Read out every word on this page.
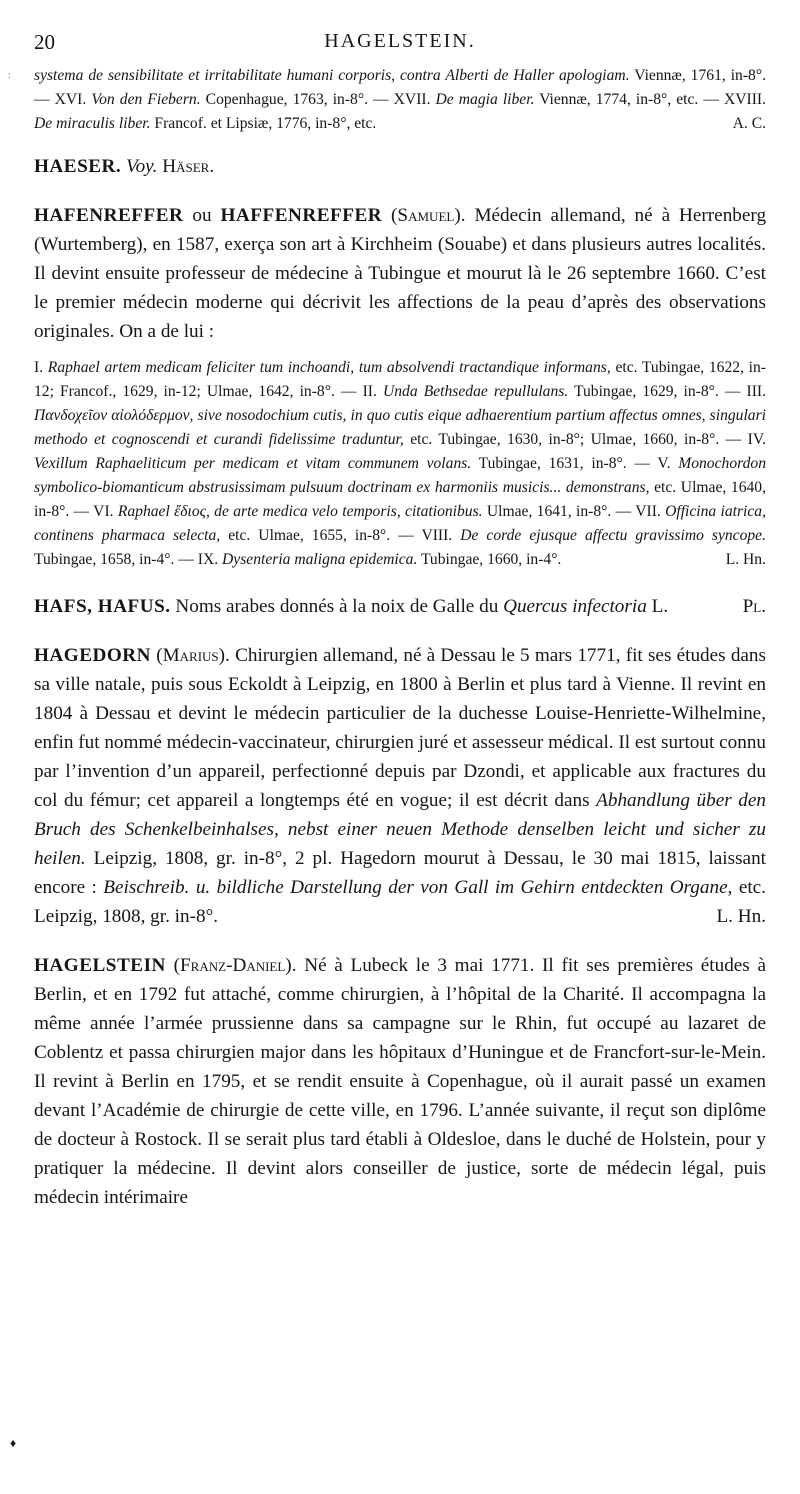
20	HAGELSTEIN.
systema de sensibilitate et irritabilitate humani corporis, contra Alberti de Haller apologiam. Viennæ, 1761, in-8°. — XVI. Von den Fiebern. Copenhague, 1763, in-8°. — XVII. De magia liber. Viennæ, 1774, in-8°, etc. — XVIII. De miraculis liber. Francof. et Lipsiæ, 1776, in-8°, etc.	A. C.

HAESER. Voy. Häser.

HAFENREFFER ou HAFFENREFFER (Samuel). Médecin allemand, né à Herrenberg (Wurtemberg), en 1587, exerça son art à Kirchheim (Souabe) et dans plusieurs autres localités. Il devint ensuite professeur de médecine à Tubingue et mourut là le 26 septembre 1660. C’est le premier médecin moderne qui décrivit les affections de la peau d’après des observations originales. On a de lui :

I. Raphael artem medicam feliciter tum inchoandi, tum absolvendi tractandique informans, etc. Tubingae, 1622, in-12; Francof., 1629, in-12; Ulmae, 1642, in-8°. — II. Unda Bethsedae repullulans. Tubingae, 1629, in-8°. — III. Πανδοχεῖον αἰολόδερμον, sive nosodochium cutis, in quo cutis eique adhaerentium partium affectus omnes, singulari methodo et cognoscendi et curandi fidelissime traduntur, etc. Tubingae, 1630, in-8°; Ulmae, 1660, in-8°. — IV. Vexillum Raphaeliticum per medicam et vitam communem volans. Tubingae, 1631, in-8°. — V. Monochordon symbolico-biomanticum abstrusissimam pulsuum doctrinam ex harmoniis musicis... demonstrans, etc. Ulmae, 1640, in-8°. — VI. Raphael ἔδιος, de arte medica velo temporis, citationibus. Ulmae, 1641, in-8°. — VII. Officina iatrica, continens pharmaca selecta, etc. Ulmae, 1655, in-8°. — VIII. De corde ejusque affectu gravissimo syncope. Tubingae, 1658, in-4°. — IX. Dysenteria maligna epidemica. Tubingae, 1660, in-4°.	L. Hn.
HAFS, HAFUS. Noms arabes donnés à la noix de Galle du Quercus infectoria L.	Pl.
HAGEDORN (Marius). Chirurgien allemand, né à Dessau le 5 mars 1771, fit ses études dans sa ville natale, puis sous Eckoldt à Leipzig, en 1800 à Berlin et plus tard à Vienne. Il revint en 1804 à Dessau et devint le médecin particulier de la duchesse Louise-Henriette-Wilhelmine, enfin fut nommé médecin-vaccinateur, chirurgien juré et assesseur médical. Il est surtout connu par l’invention d’un appareil, perfectionné depuis par Dzondi, et applicable aux fractures du col du fémur; cet appareil a longtemps été en vogue; il est décrit dans Abhandlung über den Bruch des Schenkelbeinhalses, nebst einer neuen Methode denselben leicht und sicher zu heilen. Leipzig, 1808, gr. in-8°, 2 pl. Hagedorn mourut à Dessau, le 30 mai 1815, laissant encore : Beischreib. u. bildliche Darstellung der von Gall im Gehirn entdeckten Organe, etc. Leipzig, 1808, gr. in-8°.	L. Hn.

HAGELSTEIN (Franz-Daniel). Né à Lubeck le 3 mai 1771. Il fit ses premières études à Berlin, et en 1792 fut attaché, comme chirurgien, à l’hôpital de la Charité. Il accompagna la même année l’armée prussienne dans sa campagne sur le Rhin, fut occupé au lazaret de Coblentz et passa chirurgien major dans les hôpitaux d’Huningue et de Francfort-sur-le-Mein. Il revint à Berlin en 1795, et se rendit ensuite à Copenhague, où il aurait passé un examen devant l’Académie de chirurgie de cette ville, en 1796. L’année suivante, il reçut son diplôme de docteur à Rostock. Il se serait plus tard établi à Oldesloe, dans le duché de Holstein, pour y pratiquer la médecine. Il devint alors conseiller de justice, sorte de médecin légal, puis médecin intérimaire

:
♦
